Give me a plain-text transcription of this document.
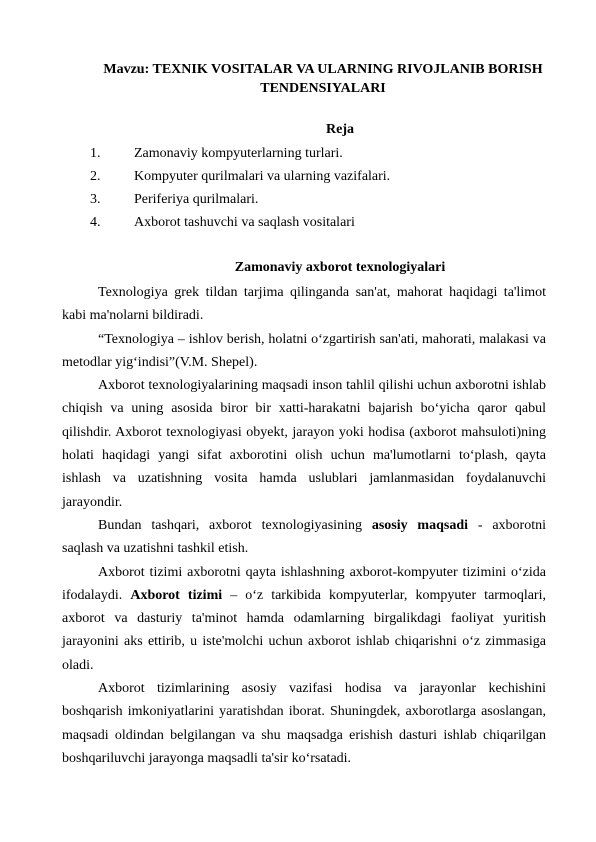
Mavzu: TEXNIK VOSITALAR VA ULARNING RIVOJLANIB BORISH TENDENSIYALARI
Reja
1.	Zamonaviy kompyuterlarning turlari.
2.	Kompyuter qurilmalari va ularning vazifalari.
3.	Periferiya qurilmalari.
4.	Axborot tashuvchi va saqlash vositalari
Zamonaviy axborot texnologiyalari

Texnologiya grek tildan tarjima qilinganda san'at, mahorat haqidagi ta'limot kabi ma'nolarni bildiradi.

“Texnologiya – ishlov berish, holatni o‘zgartirish san'ati, mahorati, malakasi va metodlar yig‘indisi”(V.M. Shepel).

Axborot texnologiyalarining maqsadi inson tahlil qilishi uchun axborotni ishlab chiqish va uning asosida biror bir xatti-harakatni bajarish bo‘yicha qaror qabul qilishdir. Axborot texnologiyasi obyekt, jarayon yoki hodisa (axborot mahsuloti)ning holati haqidagi yangi sifat axborotini olish uchun ma'lumotlarni to‘plash, qayta ishlash va uzatishning vosita hamda uslublari jamlanmasidan foydalanuvchi jarayondir.

Bundan tashqari, axborot texnologiyasining asosiy maqsadi - axborotni saqlash va uzatishni tashkil etish.

Axborot tizimi axborotni qayta ishlashning axborot-kompyuter tizimini o‘zida ifodalaydi. Axborot tizimi – o‘z tarkibida kompyuterlar, kompyuter tarmoqlari, axborot va dasturiy ta'minot hamda odamlarning birgalikdagi faoliyat yuritish jarayonini aks ettirib, u iste'molchi uchun axborot ishlab chiqarishni o‘z zimmasiga oladi.

Axborot tizimlarining asosiy vazifasi hodisa va jarayonlar kechishini boshqarish imkoniyatlarini yaratishdan iborat. Shuningdek, axborotlarga asoslangan, maqsadi oldindan belgilangan va shu maqsadga erishish dasturi ishlab chiqarilgan boshqariluvchi jarayonga maqsadli ta'sir ko‘rsatadi.
